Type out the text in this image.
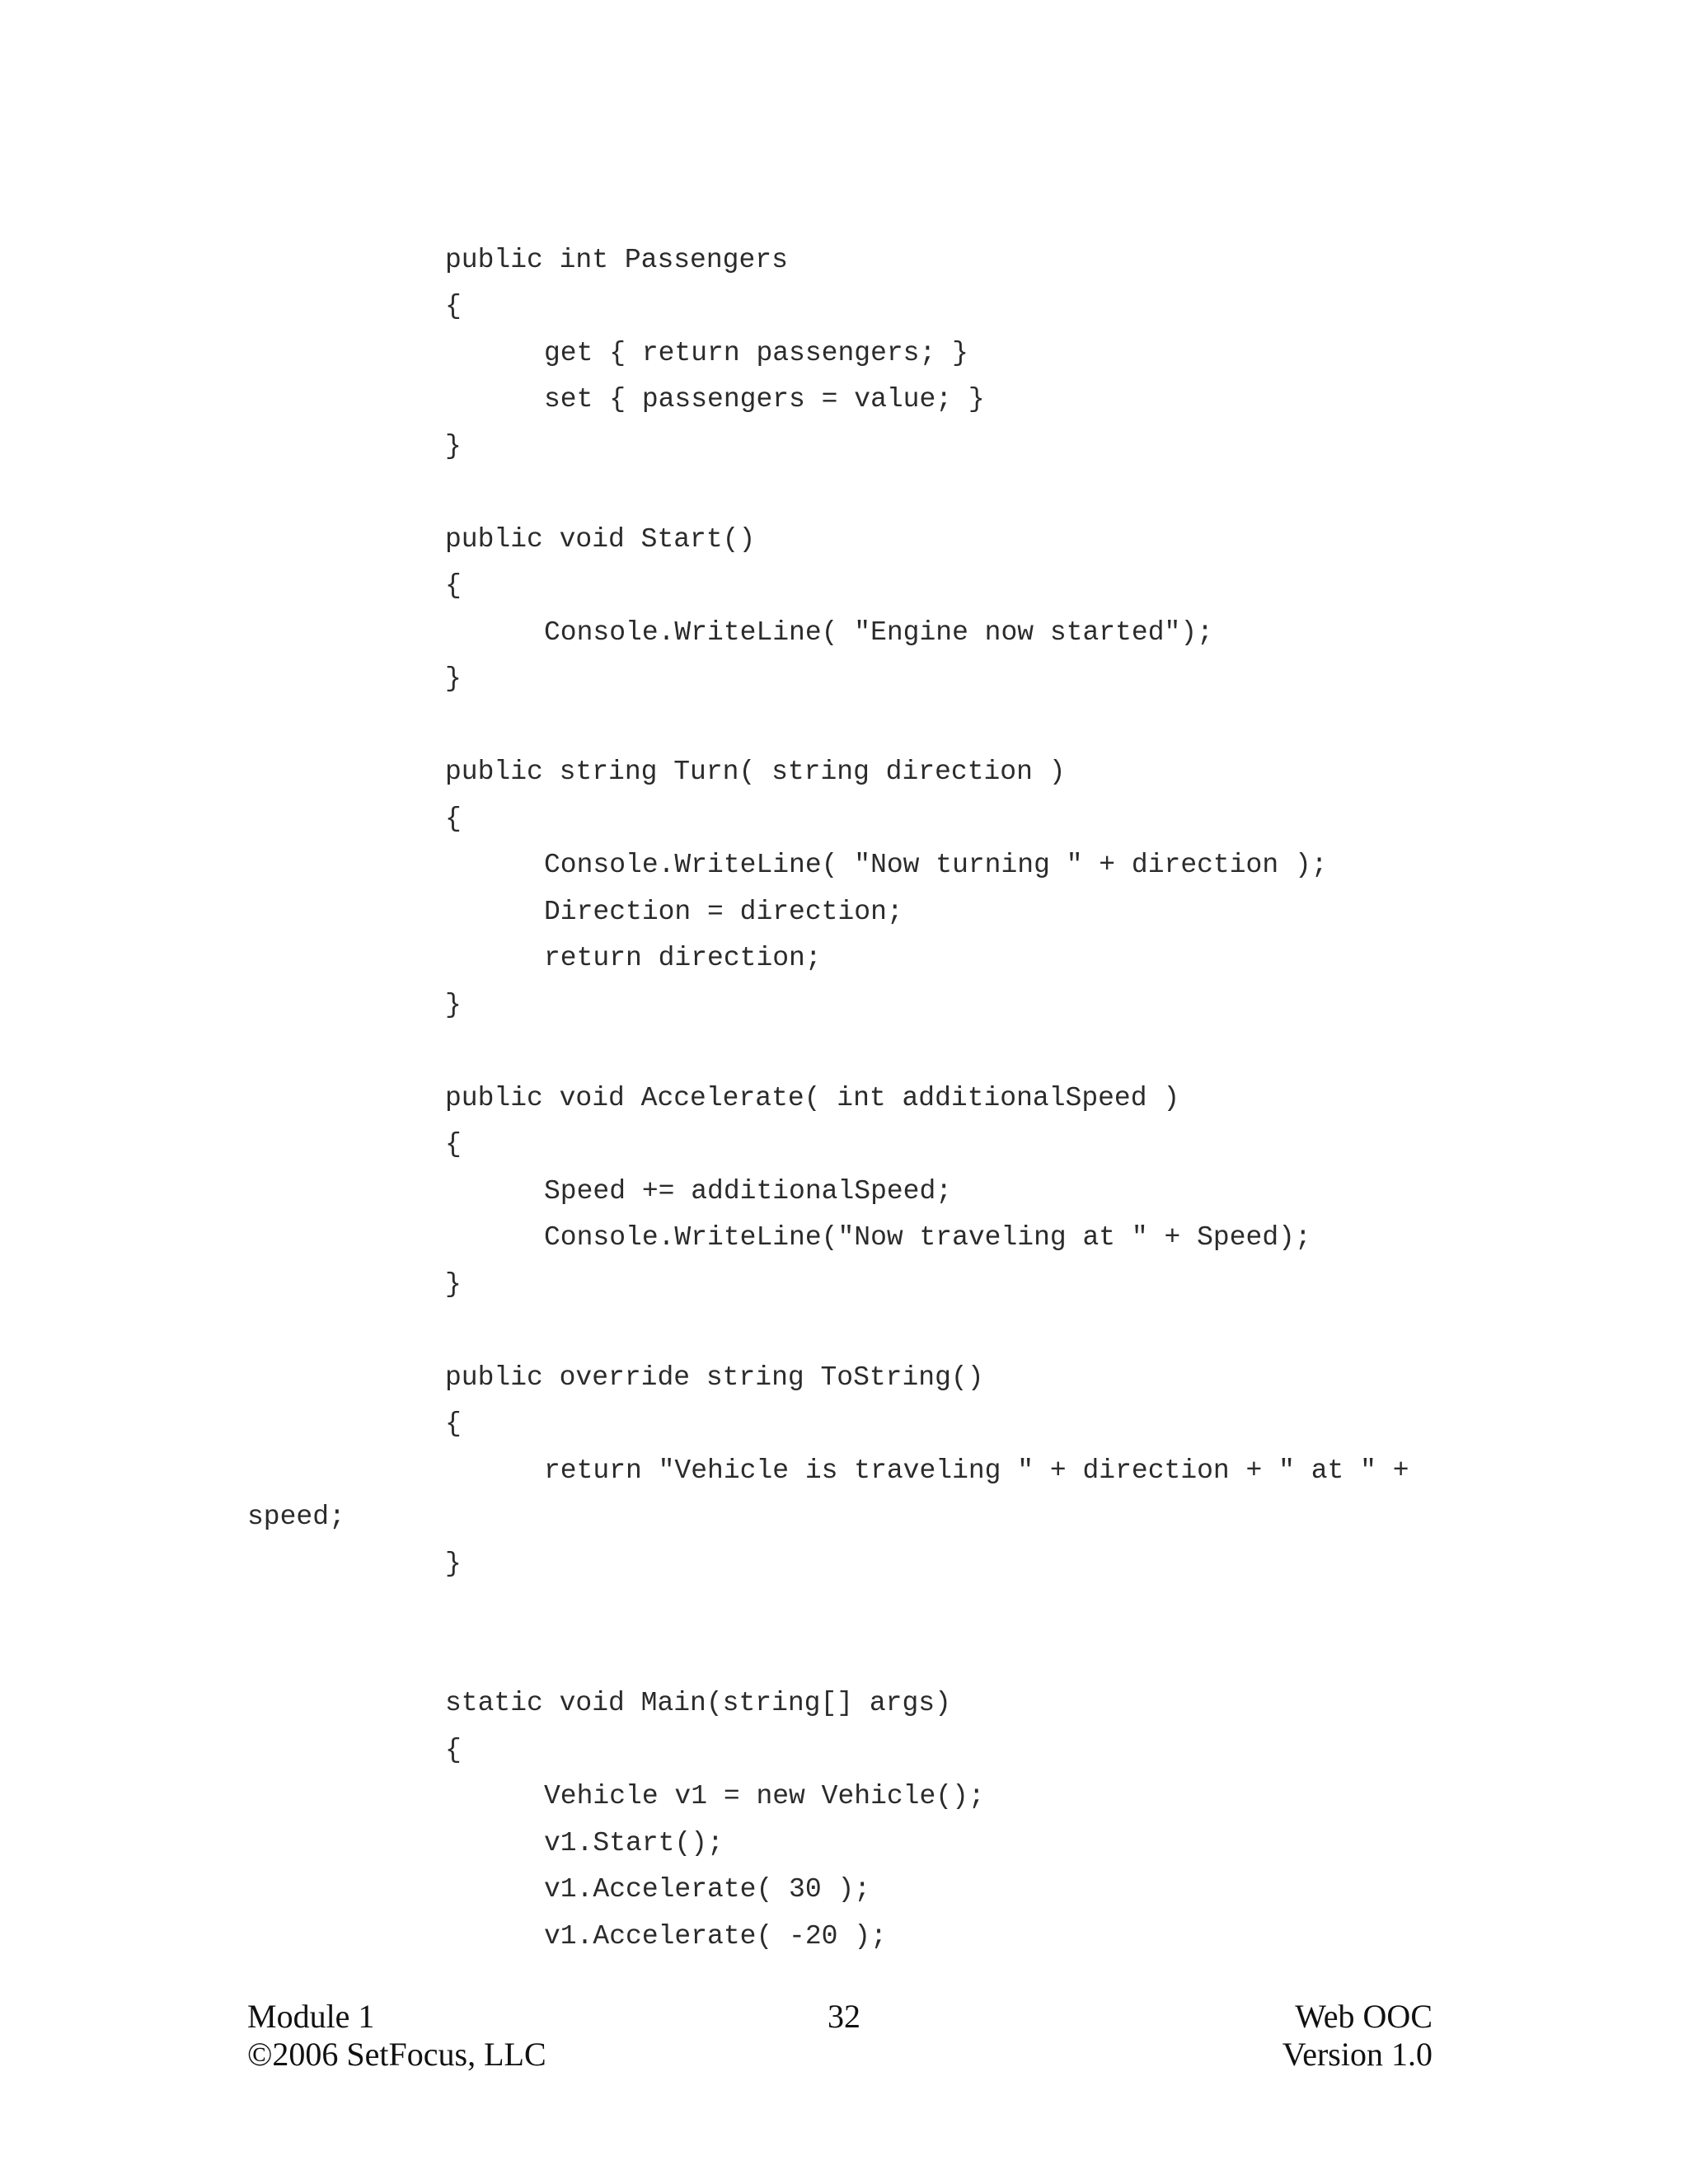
public int Passengers
{
get { return passengers; }
set { passengers = value; }
}
public void Start()
{
Console.WriteLine( "Engine now started");
}
public string Turn( string direction )
{
Console.WriteLine( "Now turning " + direction );
Direction = direction;
return direction;
}
public void Accelerate( int additionalSpeed )
{
Speed += additionalSpeed;
Console.WriteLine("Now traveling at " + Speed);
}
public override string ToString()
{
return "Vehicle is traveling " + direction + " at " +
speed;
}
static void Main(string[] args)
{
Vehicle v1 = new Vehicle();
v1.Start();
v1.Accelerate( 30 );
v1.Accelerate( -20 );
Module 1
©2006 SetFocus, LLC
32	Web OOC
Version 1.0
